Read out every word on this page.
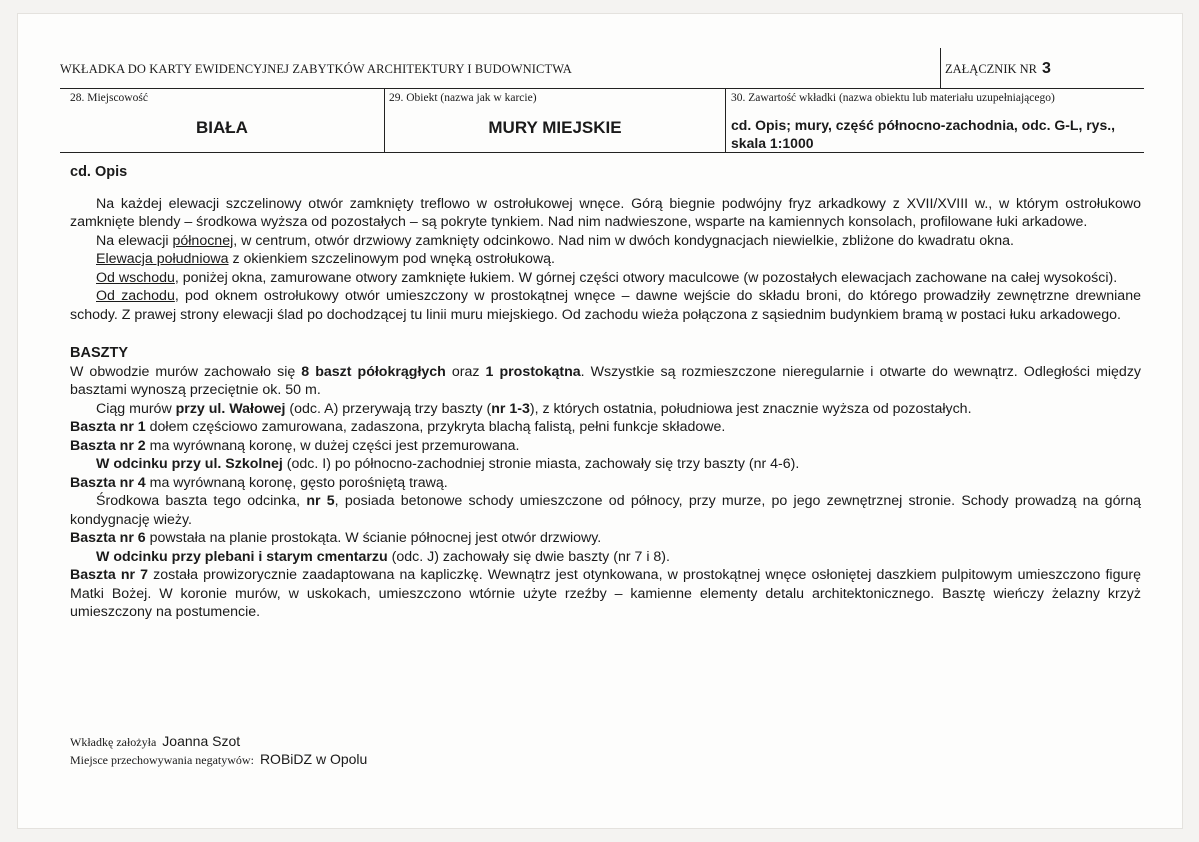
WKŁADKA DO KARTY EWIDENCYJNEJ ZABYTKÓW ARCHITEKTURY I BUDOWNICTWA	ZAŁĄCZNIK NR 3
28. Miejscowość	29. Obiekt (nazwa jak w karcie)	30. Zawartość wkładki (nazwa obiektu lub materiału uzupełniającego)
BIAŁA	MURY MIEJSKIE	cd. Opis; mury, część północno-zachodnia, odc. G-L, rys., skala 1:1000

cd. Opis

Na każdej elewacji szczelinowy otwór zamknięty treflowo w ostrołukowej wnęce. Górą biegnie podwójny fryz arkadkowy z XVII/XVIII w., w którym ostrołukowo zamknięte blendy – środkowa wyższa od pozostałych – są pokryte tynkiem. Nad nim nadwieszone, wsparte na kamiennych konsolach, profilowane łuki arkadowe.

Na elewacji północnej, w centrum, otwór drzwiowy zamknięty odcinkowo. Nad nim w dwóch kondygnacjach niewielkie, zbliżone do kwadratu okna.

Elewacja południowa z okienkiem szczelinowym pod wnęką ostrołukową.

Od wschodu, poniżej okna, zamurowane otwory zamknięte łukiem. W górnej części otwory maculcowe (w pozostałych elewacjach zachowane na całej wysokości).

Od zachodu, pod oknem ostrołukowy otwór umieszczony w prostokątnej wnęce – dawne wejście do składu broni, do którego prowadziły zewnętrzne drewniane schody. Z prawej strony elewacji ślad po dochodzącej tu linii muru miejskiego. Od zachodu wieża połączona z sąsiednim budynkiem bramą w postaci łuku arkadowego.

BASZTY

W obwodzie murów zachowało się 8 baszt półokrągłych oraz 1 prostokątna. Wszystkie są rozmieszczone nieregularnie i otwarte do wewnątrz. Odległości między basztami wynoszą przeciętnie ok. 50 m.

Ciąg murów przy ul. Wałowej (odc. A) przerywają trzy baszty (nr 1-3), z których ostatnia, południowa jest znacznie wyższa od pozostałych.

Baszta nr 1 dołem częściowo zamurowana, zadaszona, przykryta blachą falistą, pełni funkcje składowe.

Baszta nr 2 ma wyrównaną koronę, w dużej części jest przemurowana.

W odcinku przy ul. Szkolnej (odc. I) po północno-zachodniej stronie miasta, zachowały się trzy baszty (nr 4-6).

Baszta nr 4 ma wyrównaną koronę, gęsto porośniętą trawą.

Środkowa baszta tego odcinka, nr 5, posiada betonowe schody umieszczone od północy, przy murze, po jego zewnętrznej stronie. Schody prowadzą na górną kondygnację wieży.

Baszta nr 6 powstała na planie prostokąta. W ścianie północnej jest otwór drzwiowy.

W odcinku przy plebani i starym cmentarzu (odc. J) zachowały się dwie baszty (nr 7 i 8).

Baszta nr 7 została prowizorycznie zaadaptowana na kapliczkę. Wewnątrz jest otynkowana, w prostokątnej wnęce osłoniętej daszkiem pulpitowym umieszczono figurę Matki Bożej. W koronie murów, w uskokach, umieszczono wtórnie użyte rzeźby – kamienne elementy detalu architektonicznego. Basztę wieńczy żelazny krzyż umieszczony na postumencie.

Wkładkę założyła Joanna Szot
Miejsce przechowywania negatywów: ROBiDZ w Opolu
